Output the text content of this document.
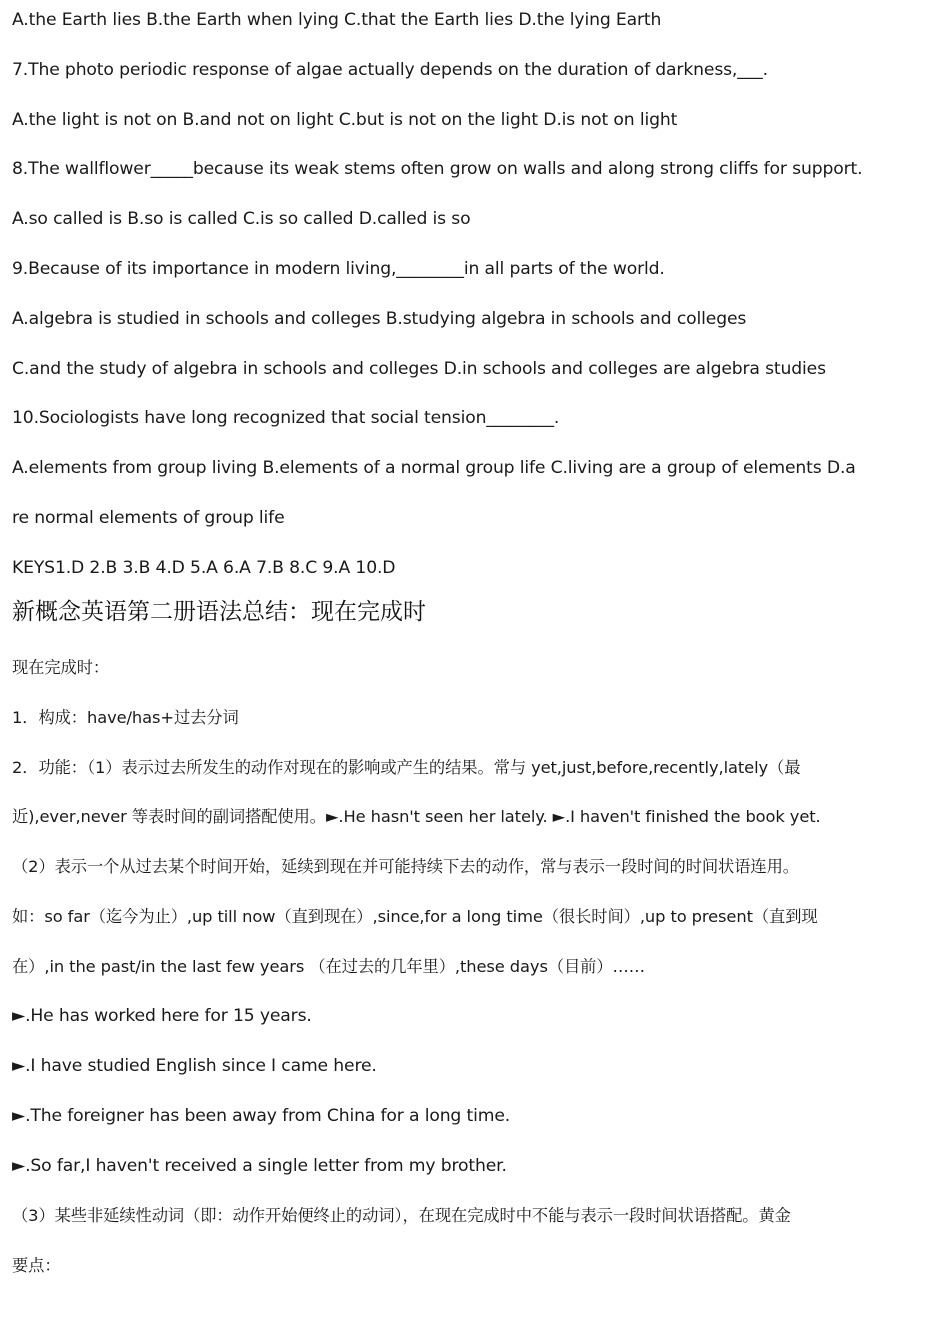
A.the Earth lies B.the Earth when lying C.that the Earth lies D.the lying Earth
7.The photo periodic response of algae actually depends on the duration of darkness,___.
A.the light is not on B.and not on light C.but is not on the light D.is not on light
8.The wallflower_____because its weak stems often grow on walls and along strong cliffs for support.
A.so called is B.so is called C.is so called D.called is so
9.Because of its importance in modern living,________in all parts of the world.
A.algebra is studied in schools and colleges B.studying algebra in schools and colleges
C.and the study of algebra in schools and colleges D.in schools and colleges are algebra studies
10.Sociologists have long recognized that social tension________.
A.elements from group living B.elements of a normal group life C.living are a group of elements D.a
re normal elements of group life
KEYS1.D 2.B 3.B 4.D 5.A 6.A 7.B 8.C 9.A 10.D
新概念英语第二册语法总结：现在完成时
现在完成时：
1．构成：have/has+过去分词
2．功能：（1）表示过去所发生的动作对现在的影响或产生的结果。常与 yet,just,before,recently,lately（最
近),ever,never 等表时间的副词搭配使用。►.He hasn't seen her lately. ►.I haven't finished the book yet.
（2）表示一个从过去某个时间开始，延续到现在并可能持续下去的动作，常与表示一段时间的时间状语连用。
如：so far（迄今为止）,up till now（直到现在）,since,for a long time（很长时间）,up to present（直到现
在）,in the past/in the last few years （在过去的几年里）,these days（目前）……
►.He has worked here for 15 years.
►.I have studied English since I came here.
►.The foreigner has been away from China for a long time.
►.So far,I haven't received a single letter from my brother.
（3）某些非延续性动词（即：动作开始便终止的动词），在现在完成时中不能与表示一段时间状语搭配。黄金
要点：
